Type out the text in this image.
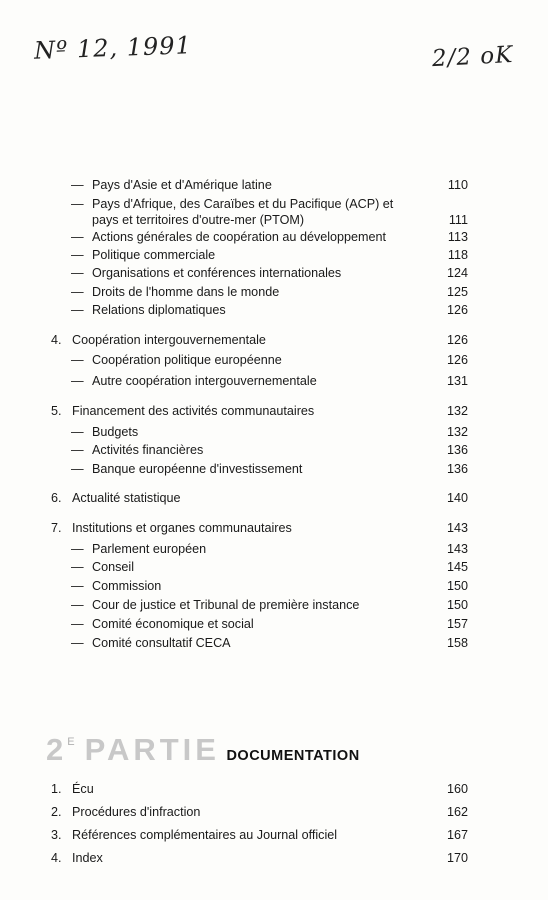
Nº 12, 1991	2/2 oK
—
Pays d'Asie et d'Amérique latine	110
—
Pays d'Afrique, des Caraïbes et du Pacifique (ACP) et pays et territoires d'outre-mer (PTOM)	111
—
Actions générales de coopération au développement	113
—
Politique commerciale	118
—
Organisations et conférences internationales	124
—
Droits de l'homme dans le monde	125
—
Relations diplomatiques	126
4. Coopération intergouvernementale	126
—
Coopération politique européenne	126
—
Autre coopération intergouvernementale	131
5. Financement des activités communautaires	132
—
Budgets	132
—
Activités financières	136
—
Banque européenne d'investissement	136
6. Actualité statistique	140
7. Institutions et organes communautaires	143
—
Parlement européen	143
—
Conseil	145
—
Commission	150
—
Cour de justice et Tribunal de première instance	150
—
Comité économique et social	157
—
Comité consultatif CECA	158
$2^E$ PARTIE DOCUMENTATION
1. Écu	160
2. Procédures d'infraction	162
3. Références complémentaires au Journal officiel	167
4. Index	170
